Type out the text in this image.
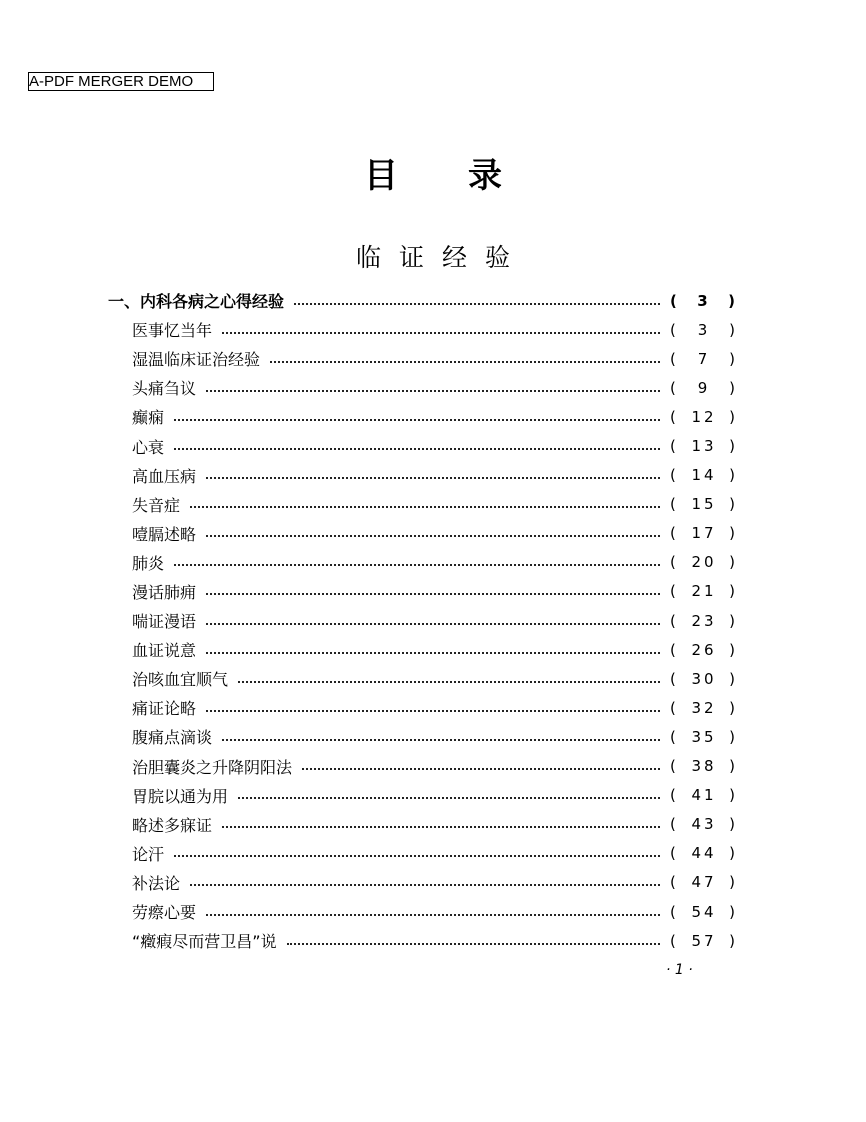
A-PDF MERGER DEMO
目录
临证经验
一、内科各病之心得经验	( 3 )
医事忆当年	( 3 )
湿温临床证治经验	( 7 )
头痛刍议	( 9 )
癫痫	( 12 )
心衰	( 13 )
高血压病	( 14 )
失音症	( 15 )
噎膈述略	( 17 )
肺炎	( 20 )
漫话肺痈	( 21 )
喘证漫语	( 23 )
血证说意	( 26 )
治咳血宜顺气	( 30 )
痛证论略	( 32 )
腹痛点滴谈	( 35 )
治胆囊炎之升降阴阳法	( 38 )
胃脘以通为用	( 41 )
略述多寐证	( 43 )
论汗	( 44 )
补法论	( 47 )
劳瘵心要	( 54 )
“癥瘕尽而营卫昌”说	( 57 )
· 1 ·
